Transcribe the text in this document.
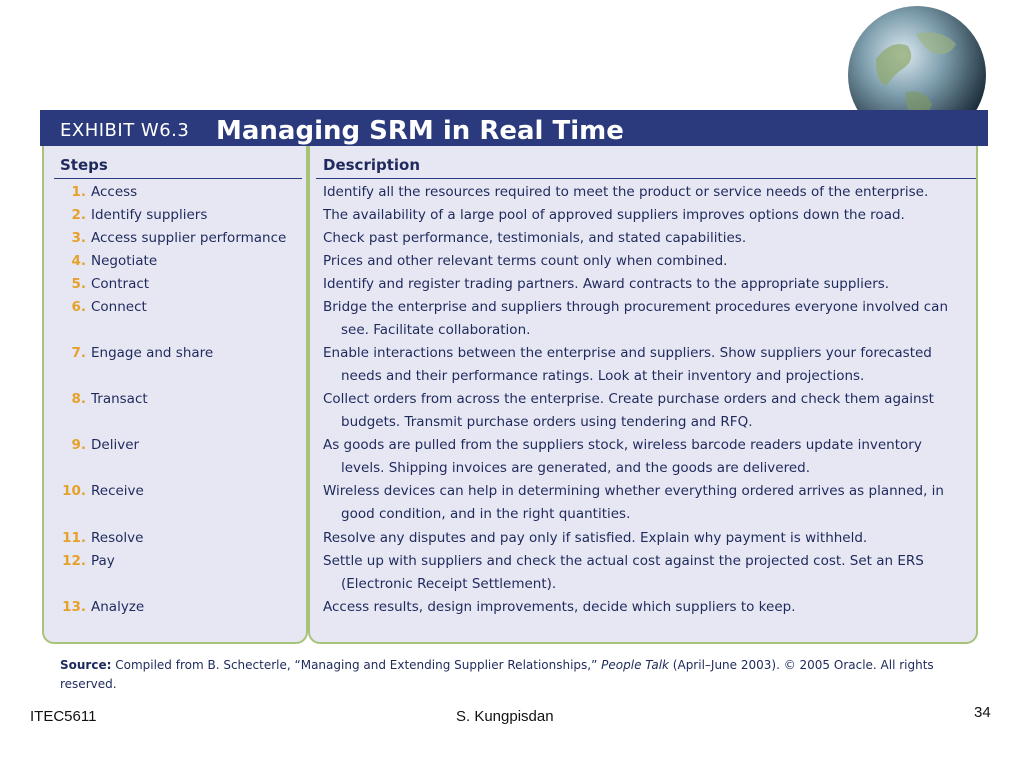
EXHIBIT W6.3 Managing SRM in Real Time
Steps	Description
1. Access	Identify all the resources required to meet the product or service needs of the enterprise.
2. Identify suppliers	The availability of a large pool of approved suppliers improves options down the road.
3. Access supplier performance	Check past performance, testimonials, and stated capabilities.
4. Negotiate	Prices and other relevant terms count only when combined.
5. Contract	Identify and register trading partners. Award contracts to the appropriate suppliers.
6. Connect	Bridge the enterprise and suppliers through procurement procedures everyone involved can see. Facilitate collaboration.
7. Engage and share	Enable interactions between the enterprise and suppliers. Show suppliers your forecasted needs and their performance ratings. Look at their inventory and projections.
8. Transact	Collect orders from across the enterprise. Create purchase orders and check them against budgets. Transmit purchase orders using tendering and RFQ.
9. Deliver	As goods are pulled from the suppliers stock, wireless barcode readers update inventory levels. Shipping invoices are generated, and the goods are delivered.
10. Receive	Wireless devices can help in determining whether everything ordered arrives as planned, in good condition, and in the right quantities.
11. Resolve	Resolve any disputes and pay only if satisfied. Explain why payment is withheld.
12. Pay	Settle up with suppliers and check the actual cost against the projected cost. Set an ERS (Electronic Receipt Settlement).
13. Analyze	Access results, design improvements, decide which suppliers to keep.
Source: Compiled from B. Schecterle, “Managing and Extending Supplier Relationships,” People Talk (April–June 2003). © 2005 Oracle. All rights reserved.
ITEC5611	S. Kungpisdan	34
